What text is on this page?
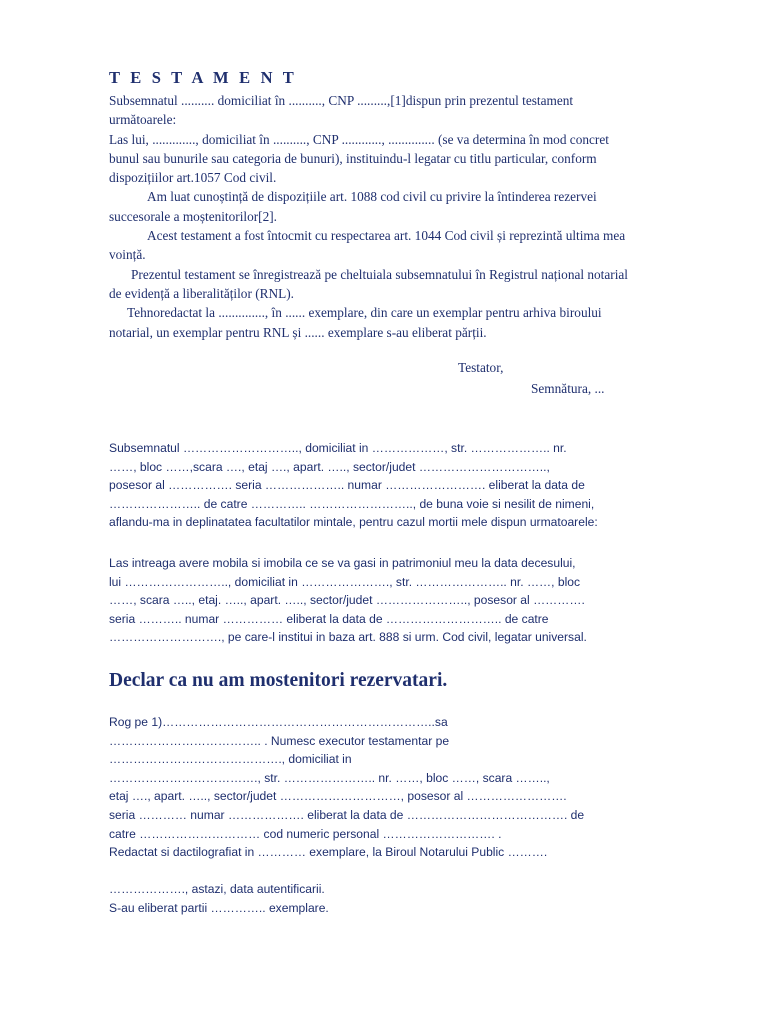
T E S T A M E N T
Subsemnatul .......... domiciliat în .........., CNP .........,[1]dispun prin prezentul testament
următoarele:
Las lui, ............., domiciliat în .........., CNP ............, .............. (se va determina în mod concret
bunul sau bunurile sau categoria de bunuri), instituindu-l legatar cu titlu particular, conform
dispozițiilor art.1057 Cod civil.
Am luat cunoștință de dispozițiile art. 1088 cod civil cu privire la întinderea rezervei
succesorale a moștenitorilor[2].
Acest testament a fost întocmit cu respectarea art. 1044 Cod civil și reprezintă ultima mea
voință.
Prezentul testament se înregistrează pe cheltuiala subsemnatului în Registrul național notarial
de evidență a liberalităților (RNL).
Tehnoredactat la .............., în ...... exemplare, din care un exemplar pentru arhiva biroului
notarial, un exemplar pentru RNL și ...... exemplare s-au eliberat părții.
Testator,
Semnătura, ...
Subsemnatul ……………………….., domiciliat in ………………, str. ……………….. nr.
……, bloc ……,scara …., etaj …., apart. ….., sector/judet …………………………..,
posesor al ……………. seria ……………….. numar ……………………. eliberat la data de
………………….. de catre ………….. …………………….., de buna voie si nesilit de nimeni,
aflandu-ma in deplinatatea facultatilor mintale, pentru cazul mortii mele dispun urmatoarele:
Las intreaga avere mobila si imobila ce se va gasi in patrimoniul meu la data decesului,
lui …………………….., domiciliat in …………………., str. ………………….. nr. ……, bloc
……, scara ….., etaj. ….., apart. ….., sector/judet ………………….., posesor al ………….
seria ……….. numar …………… eliberat la data de ……………………….. de catre
………………………., pe care-l institui in baza art. 888 si urm. Cod civil, legatar universal.
Declar ca nu am mostenitori rezervatari.
Rog pe 1)…………………………………………………………..sa
……………………………….. . Numesc executor testamentar pe
……………………………………., domiciliat in
………………………………., str. ………………….. nr. ……, bloc ……, scara ……..,
etaj …., apart. ….., sector/judet …………………………, posesor al …………………….
seria ………… numar ………………. eliberat la data de …………………………………. de
catre ………………………… cod numeric personal ………………………. .
Redactat si dactilografiat in ………… exemplare, la Biroul Notarului Public ……….
………………., astazi, data autentificarii.
S-au eliberat partii ………….. exemplare.
